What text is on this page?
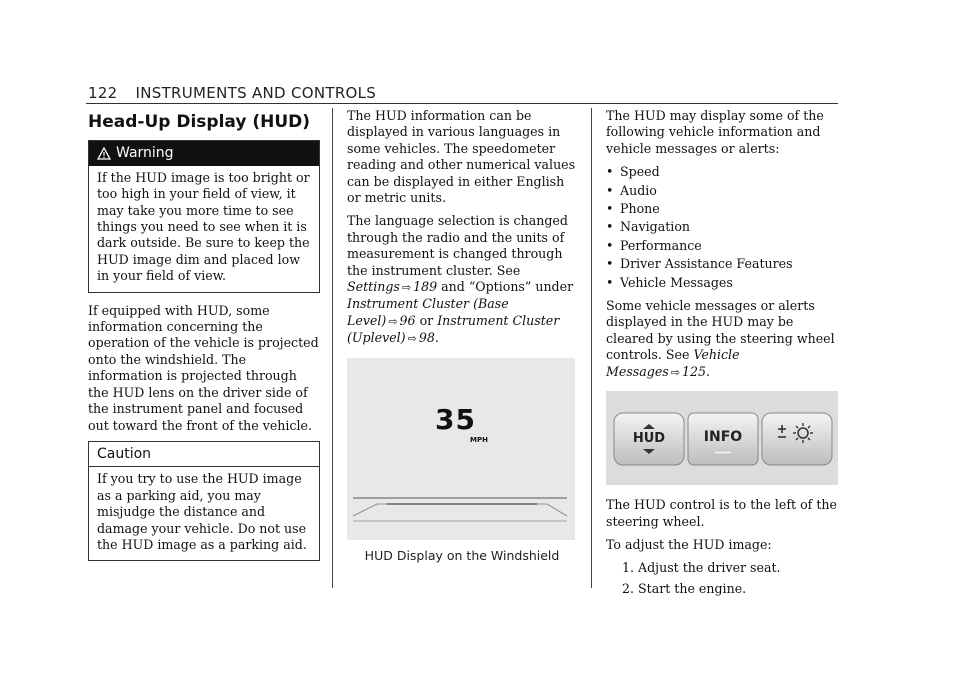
122 INSTRUMENTS AND CONTROLS
Head-Up Display (HUD)
Warning
If the HUD image is too bright or too high in your field of view, it may take you more time to see things you need to see when it is dark outside. Be sure to keep the HUD image dim and placed low in your field of view.

If equipped with HUD, some information concerning the operation of the vehicle is projected onto the windshield. The information is projected through the HUD lens on the driver side of the instrument panel and focused out toward the front of the vehicle.

Caution
If you try to use the HUD image as a parking aid, you may misjudge the distance and damage your vehicle. Do not use the HUD image as a parking aid.

The HUD information can be displayed in various languages in some vehicles. The speedometer reading and other numerical values can be displayed in either English or metric units.

The language selection is changed through the radio and the units of measurement is changed through the instrument cluster. See Settings ⇨ 189 and “Options” under Instrument Cluster (Base Level) ⇨ 96 or Instrument Cluster (Uplevel) ⇨ 98.

35
MPH
HUD Display on the Windshield

The HUD may display some of the following vehicle information and vehicle messages or alerts:

• Speed
• Audio
• Phone
• Navigation
• Performance
• Driver Assistance Features
• Vehicle Messages

Some vehicle messages or alerts displayed in the HUD may be cleared by using the steering wheel controls. See Vehicle Messages ⇨ 125.

HUD	INFO

The HUD control is to the left of the steering wheel.

To adjust the HUD image:

1. Adjust the driver seat.
2. Start the engine.
